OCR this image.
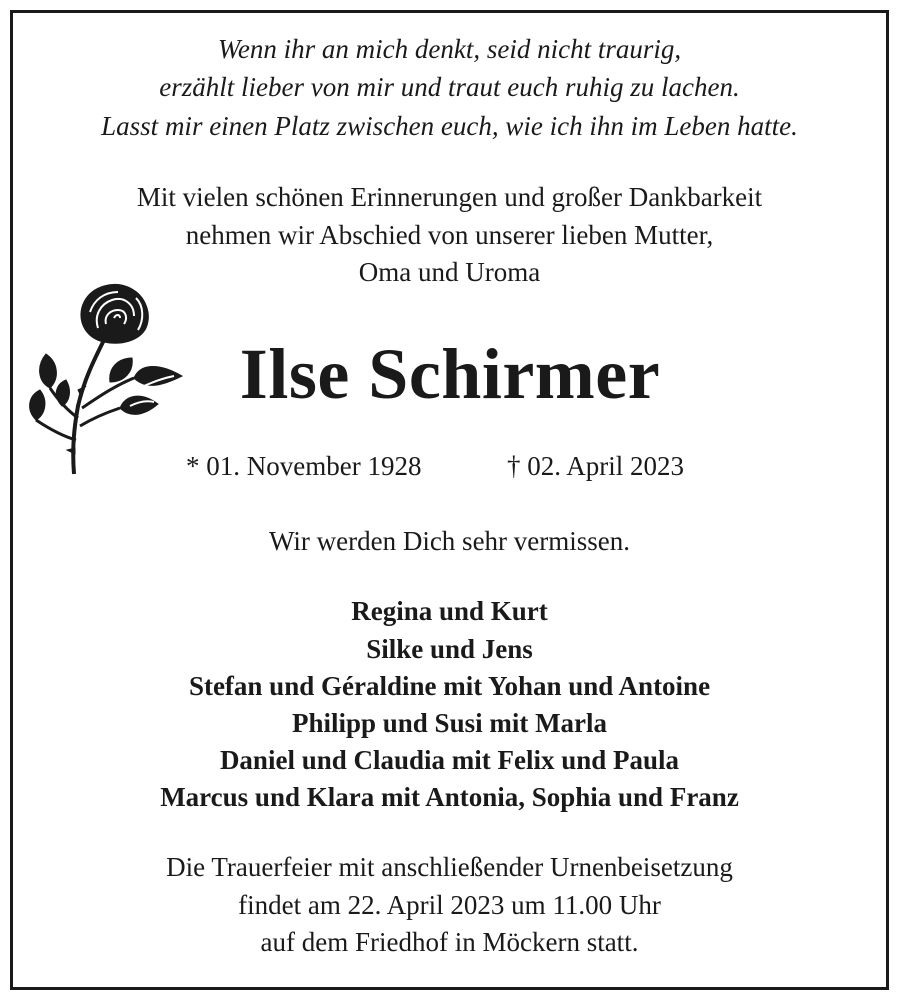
Wenn ihr an mich denkt, seid nicht traurig,
erzählt lieber von mir und traut euch ruhig zu lachen.
Lasst mir einen Platz zwischen euch, wie ich ihn im Leben hatte.
Mit vielen schönen Erinnerungen und großer Dankbarkeit
nehmen wir Abschied von unserer lieben Mutter,
Oma und Uroma
Ilse Schirmer
* 01. November 1928	† 02. April 2023
Wir werden Dich sehr vermissen.
Regina und Kurt
Silke und Jens
Stefan und Géraldine mit Yohan und Antoine
Philipp und Susi mit Marla
Daniel und Claudia mit Felix und Paula
Marcus und Klara mit Antonia, Sophia und Franz
Die Trauerfeier mit anschließender Urnenbeisetzung
findet am 22. April 2023 um 11.00 Uhr
auf dem Friedhof in Möckern statt.
